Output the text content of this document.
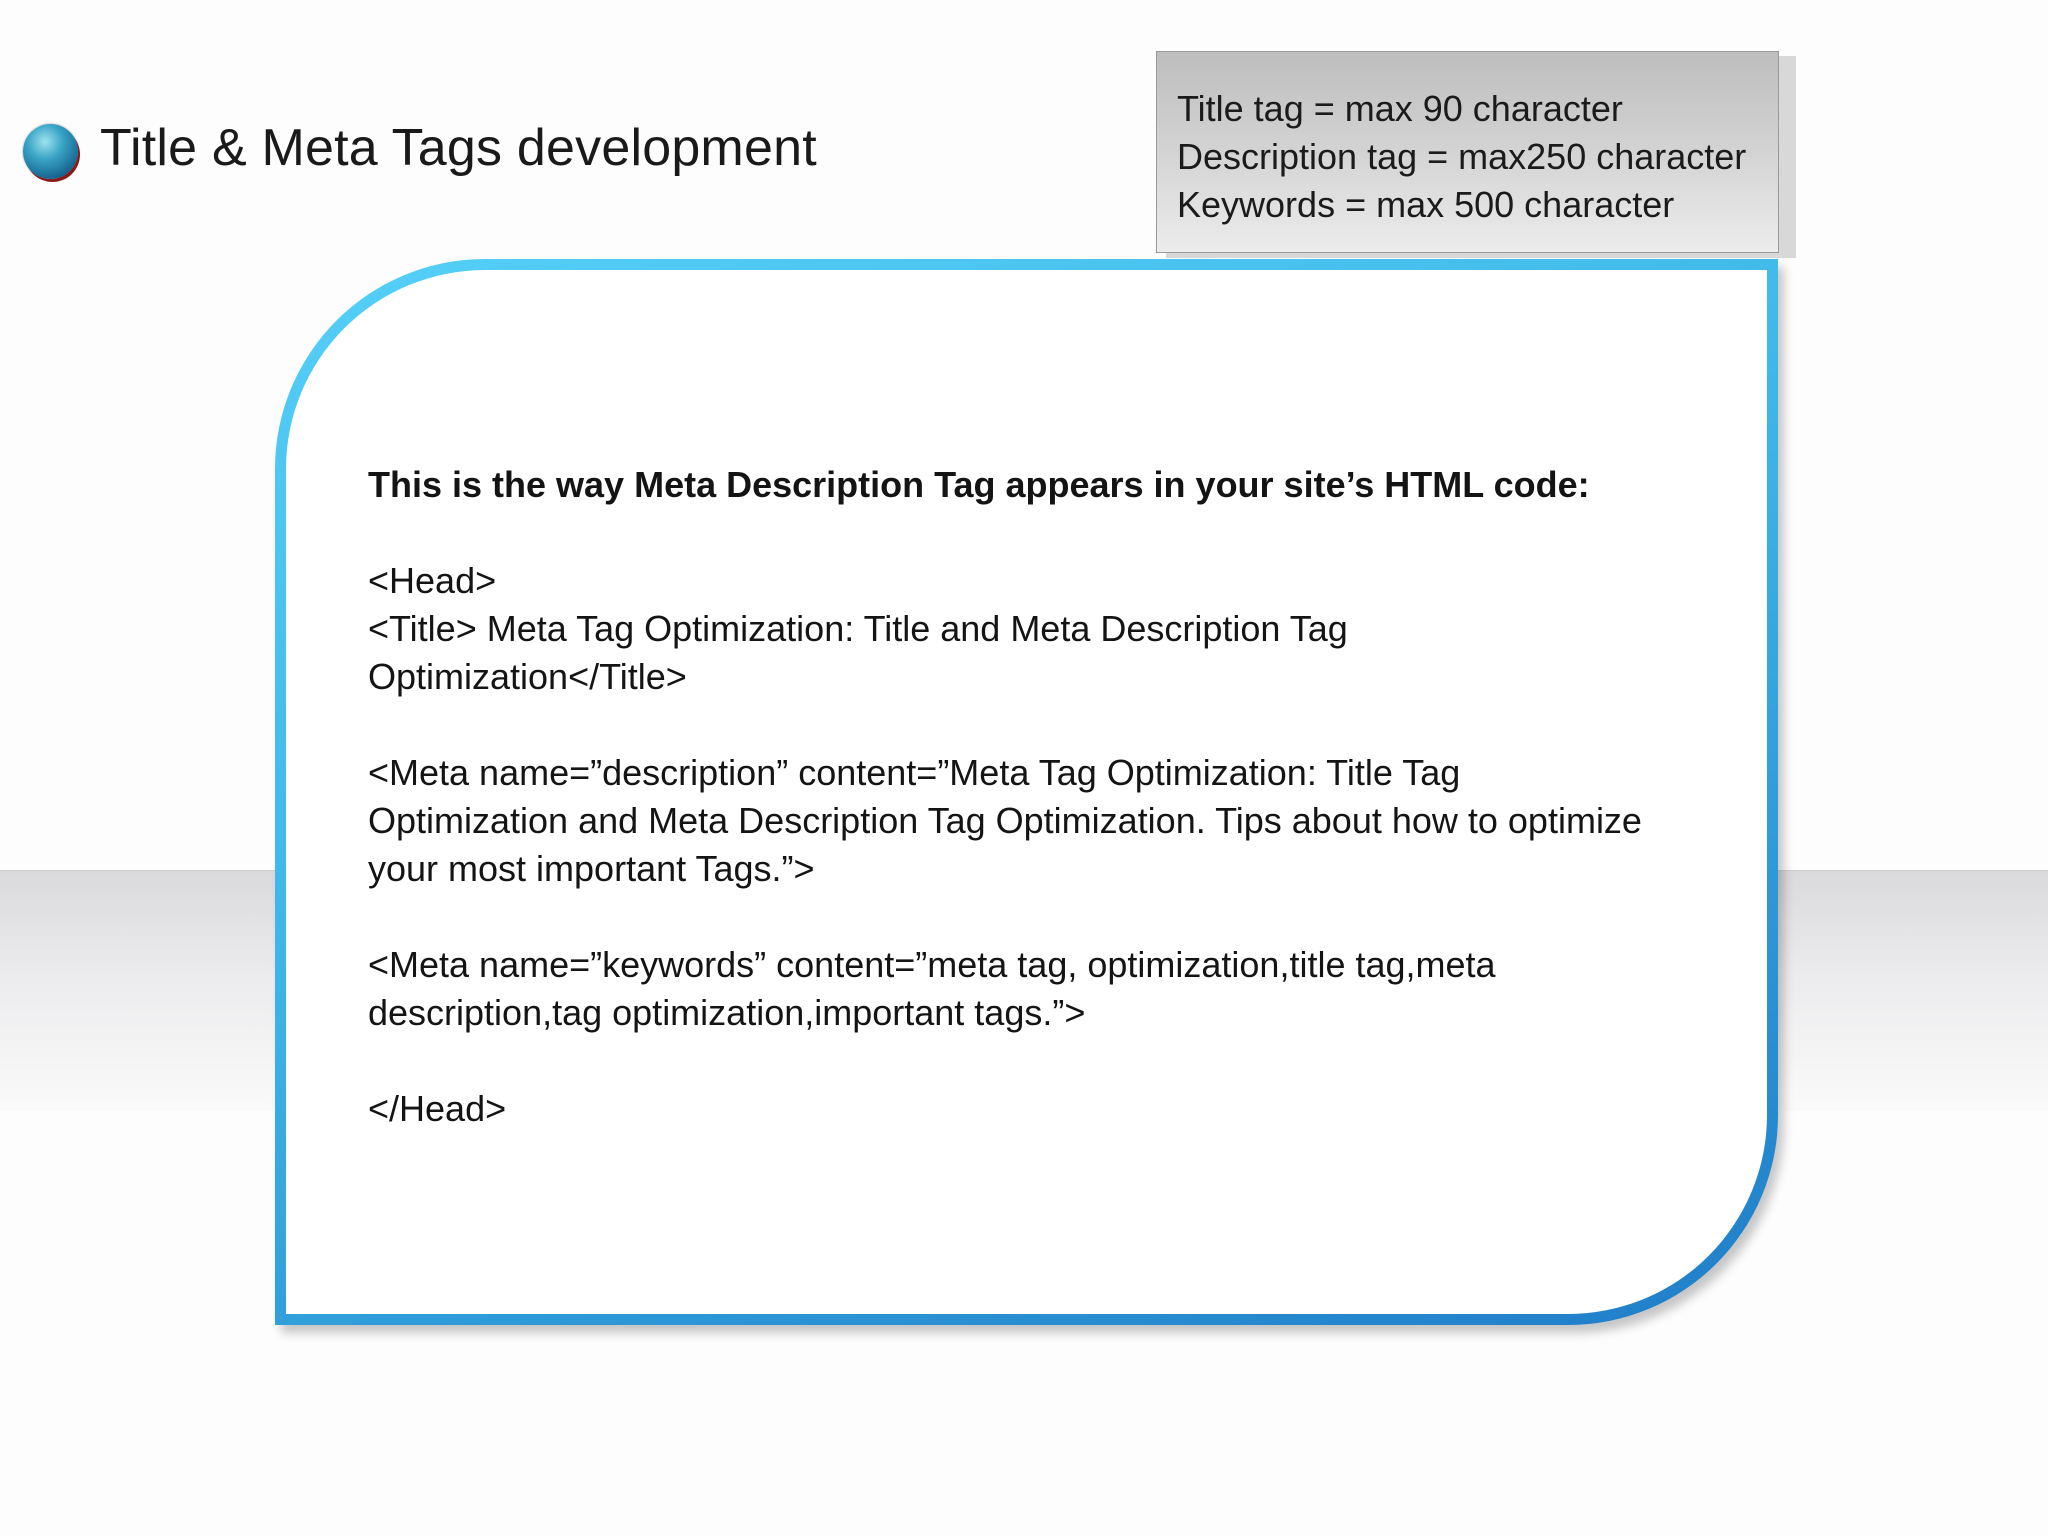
Title & Meta Tags development
Title tag = max 90 character
Description tag = max250 character
Keywords = max 500 character
This is the way Meta Description Tag appears in your site’s HTML code:
<Head>
<Title> Meta Tag Optimization: Title and Meta Description Tag
Optimization</Title>
<Meta name=”description” content=”Meta Tag Optimization: Title Tag
Optimization and Meta Description Tag Optimization. Tips about how to optimize
your most important Tags.”>
<Meta name=”keywords” content=”meta tag, optimization,title tag,meta
description,tag optimization,important tags.”>
</Head>
